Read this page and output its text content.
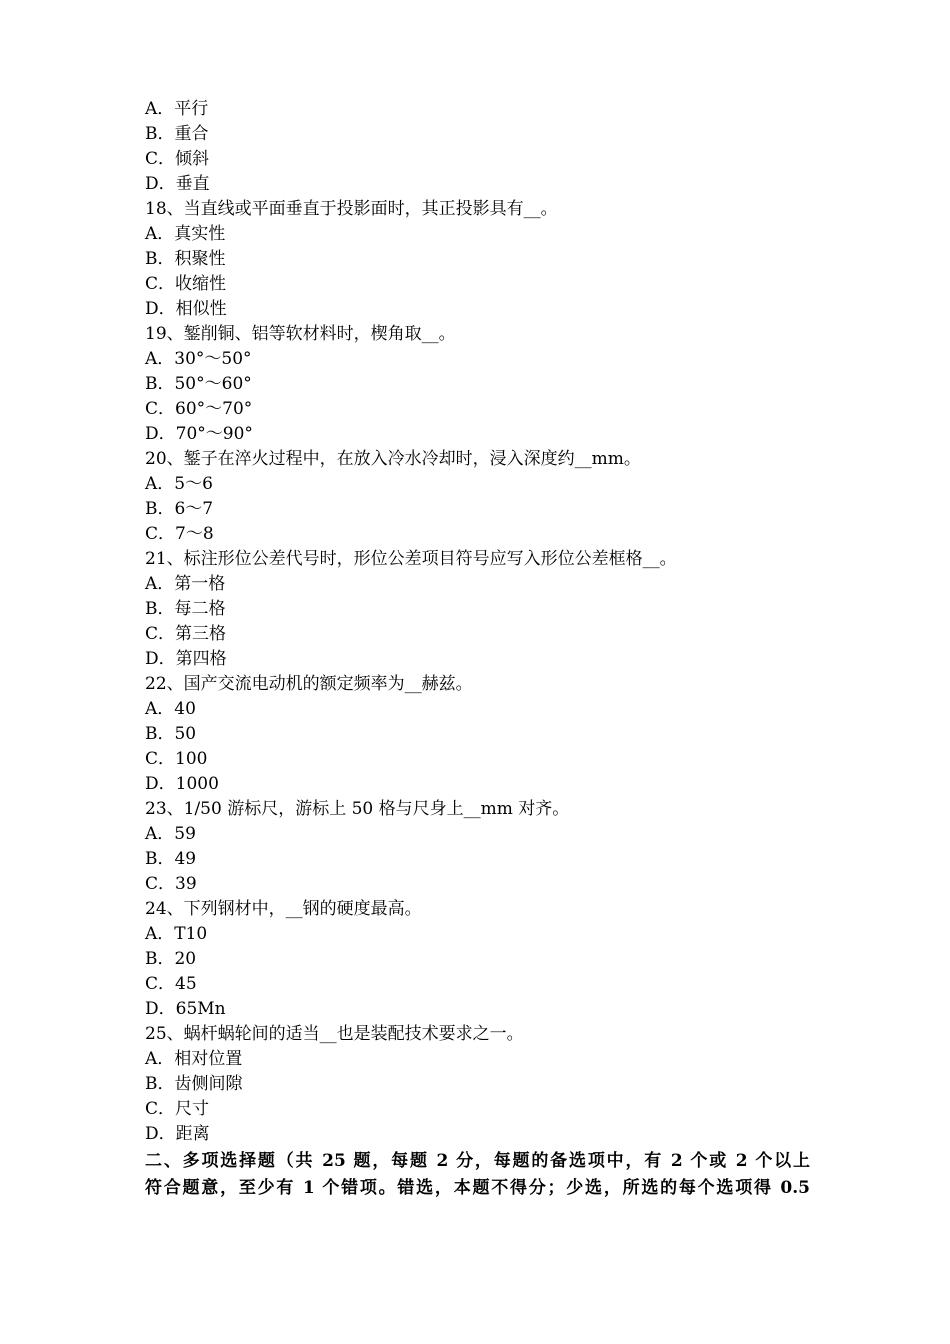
A．平行
B．重合
C．倾斜
D．垂直
18、当直线或平面垂直于投影面时，其正投影具有__。
A．真实性
B．积聚性
C．收缩性
D．相似性
19、錾削铜、铝等软材料时，楔角取__。
A．30°～50°
B．50°～60°
C．60°～70°
D．70°～90°
20、錾子在淬火过程中，在放入冷水冷却时，浸入深度约__mm。
A．5～6
B．6～7
C．7～8
21、标注形位公差代号时，形位公差项目符号应写入形位公差框格__。
A．第一格
B．每二格
C．第三格
D．第四格
22、国产交流电动机的额定频率为__赫兹。
A．40
B．50
C．100
D．1000
23、1/50 游标尺，游标上 50 格与尺身上__mm 对齐。
A．59
B．49
C．39
24、下列钢材中，__钢的硬度最高。
A．T10
B．20
C．45
D．65Mn
25、蜗杆蜗轮间的适当__也是装配技术要求之一。
A．相对位置
B．齿侧间隙
C．尺寸
D．距离
二、多项选择题（共 25 题，每题 2 分，每题的备选项中，有 2 个或 2 个以上
符合题意，至少有 1 个错项。错选，本题不得分；少选，所选的每个选项得 0.5
